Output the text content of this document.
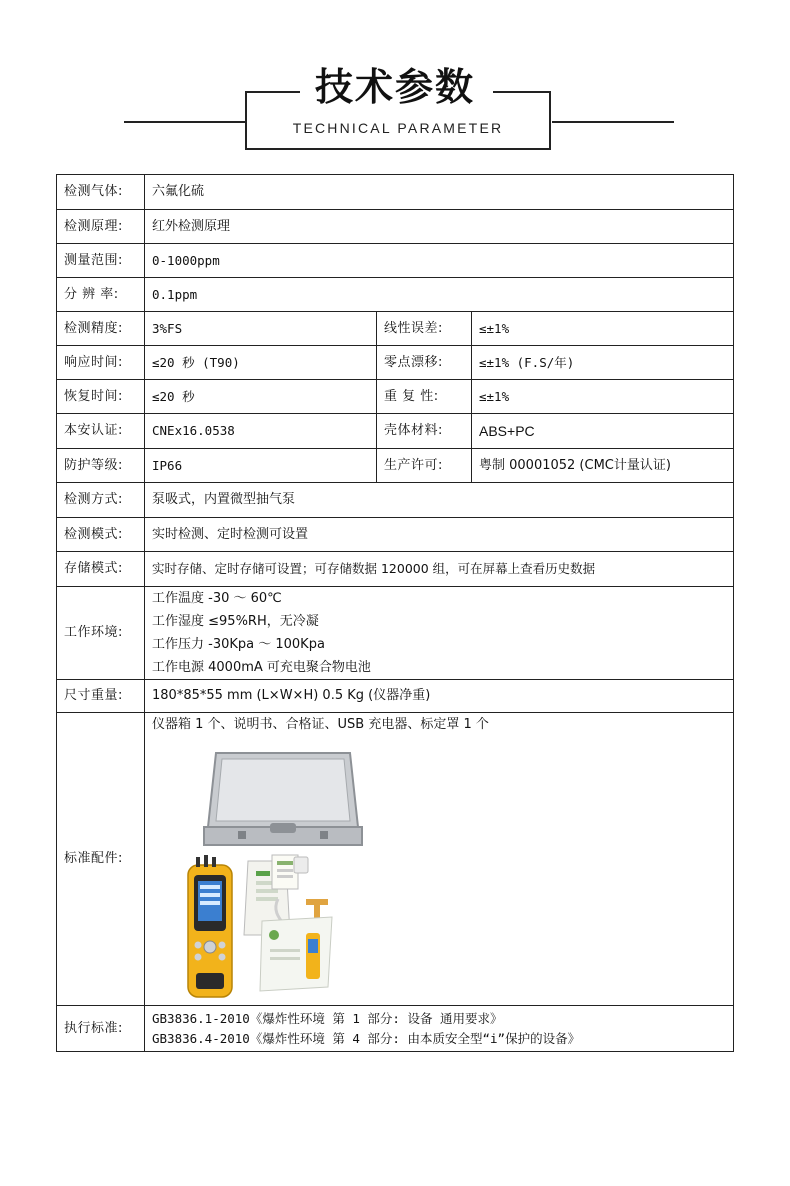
技术参数
TECHNICAL PARAMETER
检测气体:	六氟化硫		
检测原理:	红外检测原理		
测量范围:	0-1000ppm		
分 辨 率:	0.1ppm		
检测精度:	3%FS	线性误差:	≤±1%
响应时间:	≤20 秒 (T90)	零点漂移:	≤±1% (F.S/年)
恢复时间:	≤20 秒	重 复 性:	≤±1%
本安认证:	CNEx16.0538	壳体材料:	ABS+PC
防护等级:	IP66	生产许可:	粤制 00001052 (CMC计量认证)
检测方式:	泵吸式，内置微型抽气泵		
检测模式:	实时检测、定时检测可设置		
存储模式:	实时存储、定时存储可设置；可存储数据 120000 组，可在屏幕上查看历史数据		
工作环境:	工作温度 -30 ～ 60℃
工作湿度 ≤95%RH，无冷凝
工作压力 -30Kpa ～ 100Kpa
工作电源 4000mA 可充电聚合物电池		

尺寸重量:	180*85*55 mm (L×W×H) 0.5 Kg (仪器净重)		
标准配件:	仪器箱 1 个、说明书、合格证、USB 充电器、标定罩 1 个		

执行标准:	GB3836.1-2010《爆炸性环境 第 1 部分: 设备 通用要求》
GB3836.4-2010《爆炸性环境 第 4 部分: 由本质安全型“i”保护的设备》		
